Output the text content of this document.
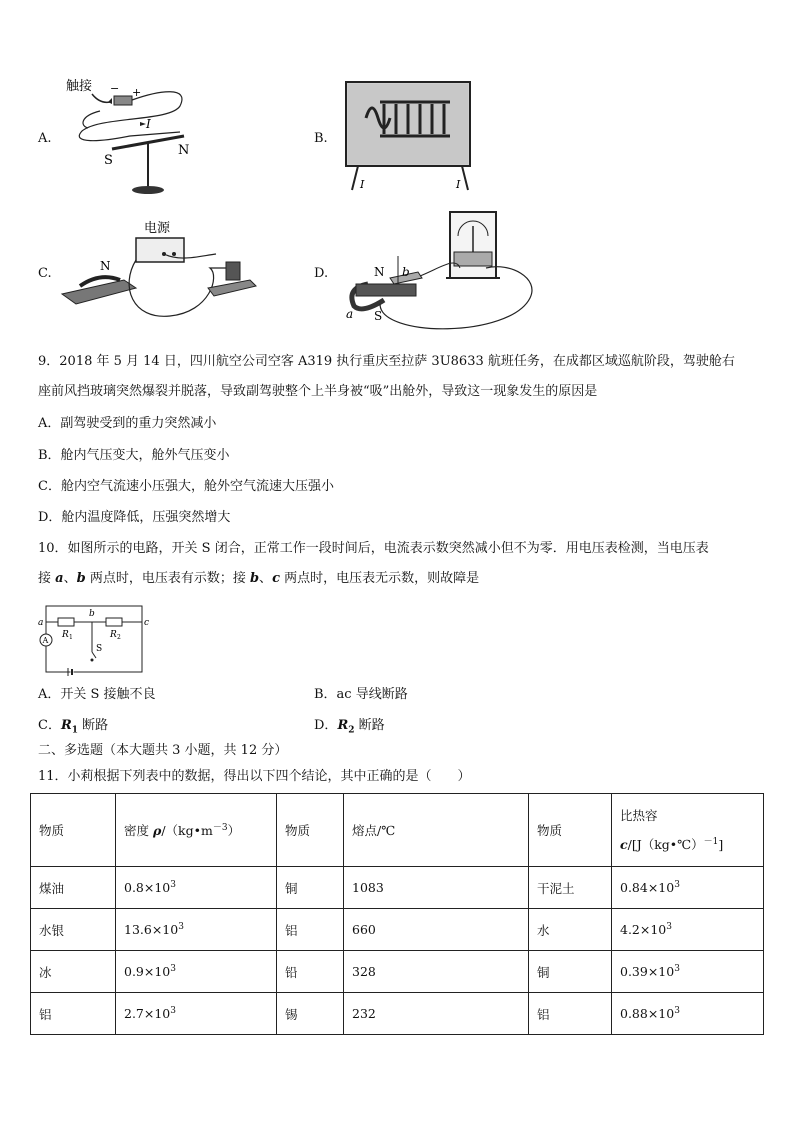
A.
触接 − +
I
S
N
B.
I	I
C.
电源
N	D.	N b
a S
9．2018 年 5 月 14 日，四川航空公司空客 A319 执行重庆至拉萨 3U8633 航班任务，在成都区域巡航阶段，驾驶舱右
座前风挡玻璃突然爆裂并脱落，导致副驾驶整个上半身被“吸”出舱外，导致这一现象发生的原因是
A．副驾驶受到的重力突然减小
B．舱内气压变大，舱外气压变小
C．舱内空气流速小压强大，舱外空气流速大压强小
D．舱内温度降低，压强突然增大
10．如图所示的电路，开关 S 闭合，正常工作一段时间后，电流表示数突然减小但不为零．用电压表检测，当电压表
接 a、b 两点时，电压表有示数；接 b、c 两点时，电压表无示数，则故障是
a
b
c
R 1	R 2
A
S
A．开关 S 接触不良	B．ac 导线断路
C．$R_1$ 断路	D．$R_2$ 断路
二、多选题（本大题共 3 小题，共 12 分）
11．小莉根据下列表中的数据，得出以下四个结论，其中正确的是（　　）
物质	密度 $\rho/(kg•m^{-3})$	物质	熔点/℃	物质	比热容
c/[J（kg•℃）$^{-1}$]

煤油	$0.8\times 10^3$	铜	1083	干泥土	$0.84\times 10^3$
水银	$13.6\times 10^3$	铝	660	水	$4.2\times 10^3$
冰	$0.9\times 10^3$	铅	328	铜	$0.39\times 10^3$
铝	$2.7\times 10^3$	锡	232	铝	$0.88\times 10^3$
